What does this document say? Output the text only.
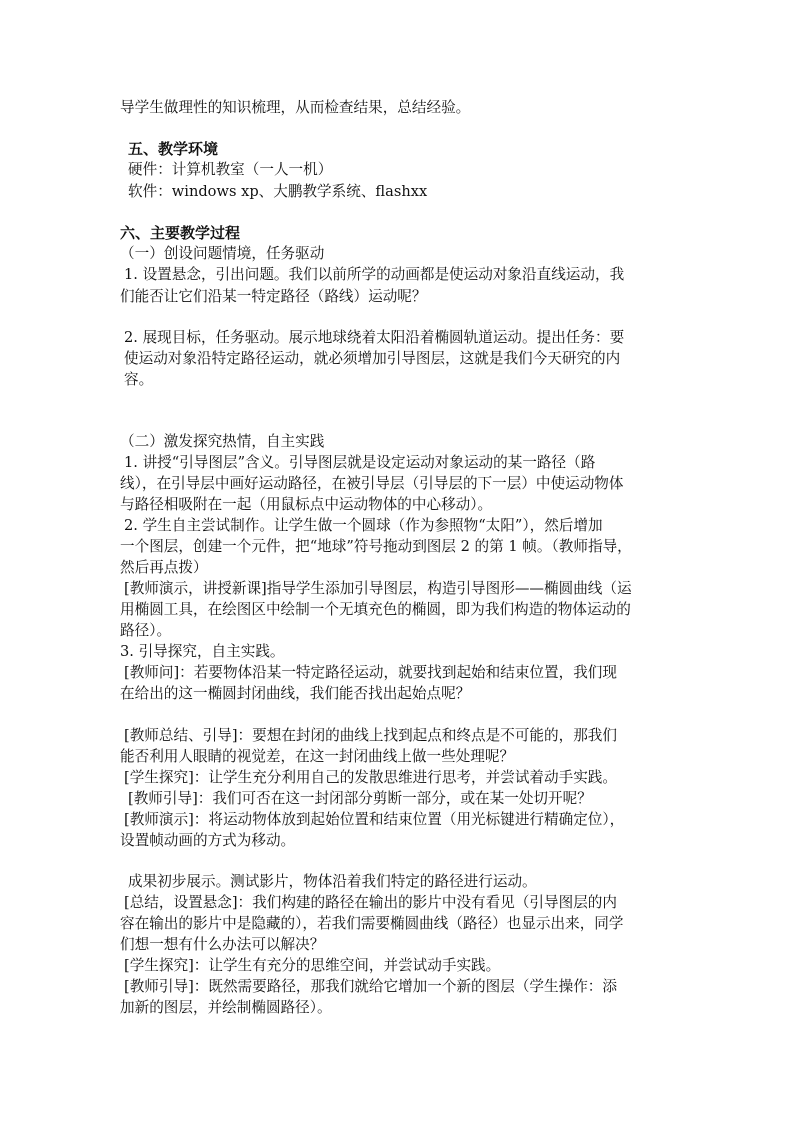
导学生做理性的知识梳理，从而检查结果，总结经验。
五、教学环境
硬件：计算机教室（一人一机）
软件：windows xp、大鹏教学系统、flashxx
六、主要教学过程
（一）创设问题情境，任务驱动
1. 设置悬念，引出问题。我们以前所学的动画都是使运动对象沿直线运动，我
们能否让它们沿某一特定路径（路线）运动呢？
2. 展现目标，任务驱动。展示地球绕着太阳沿着椭圆轨道运动。提出任务：要
使运动对象沿特定路径运动，就必须增加引导图层，这就是我们今天研究的内
容。
（二）激发探究热情，自主实践
1. 讲授“引导图层”含义。引导图层就是设定运动对象运动的某一路径（路
线），在引导层中画好运动路径，在被引导层（引导层的下一层）中使运动物体
与路径相吸附在一起（用鼠标点中运动物体的中心移动）。
2. 学生自主尝试制作。让学生做一个圆球（作为参照物“太阳”），然后增加
一个图层，创建一个元件，把“地球”符号拖动到图层 2 的第 1 帧。（教师指导，
然后再点拨）
[教师演示，讲授新课]指导学生添加引导图层，构造引导图形——椭圆曲线（运
用椭圆工具，在绘图区中绘制一个无填充色的椭圆，即为我们构造的物体运动的
路径）。
3. 引导探究，自主实践。
[教师问]：若要物体沿某一特定路径运动，就要找到起始和结束位置，我们现
在给出的这一椭圆封闭曲线，我们能否找出起始点呢？
[教师总结、引导]：要想在封闭的曲线上找到起点和终点是不可能的，那我们
能否利用人眼睛的视觉差，在这一封闭曲线上做一些处理呢？
[学生探究]：让学生充分利用自己的发散思维进行思考，并尝试着动手实践。
[教师引导]：我们可否在这一封闭部分剪断一部分，或在某一处切开呢？
[教师演示]：将运动物体放到起始位置和结束位置（用光标键进行精确定位），
设置帧动画的方式为移动。
成果初步展示。测试影片，物体沿着我们特定的路径进行运动。
[总结，设置悬念]：我们构建的路径在输出的影片中没有看见（引导图层的内
容在输出的影片中是隐藏的），若我们需要椭圆曲线（路径）也显示出来，同学
们想一想有什么办法可以解决？
[学生探究]：让学生有充分的思维空间，并尝试动手实践。
[教师引导]：既然需要路径，那我们就给它增加一个新的图层（学生操作：添
加新的图层，并绘制椭圆路径）。
